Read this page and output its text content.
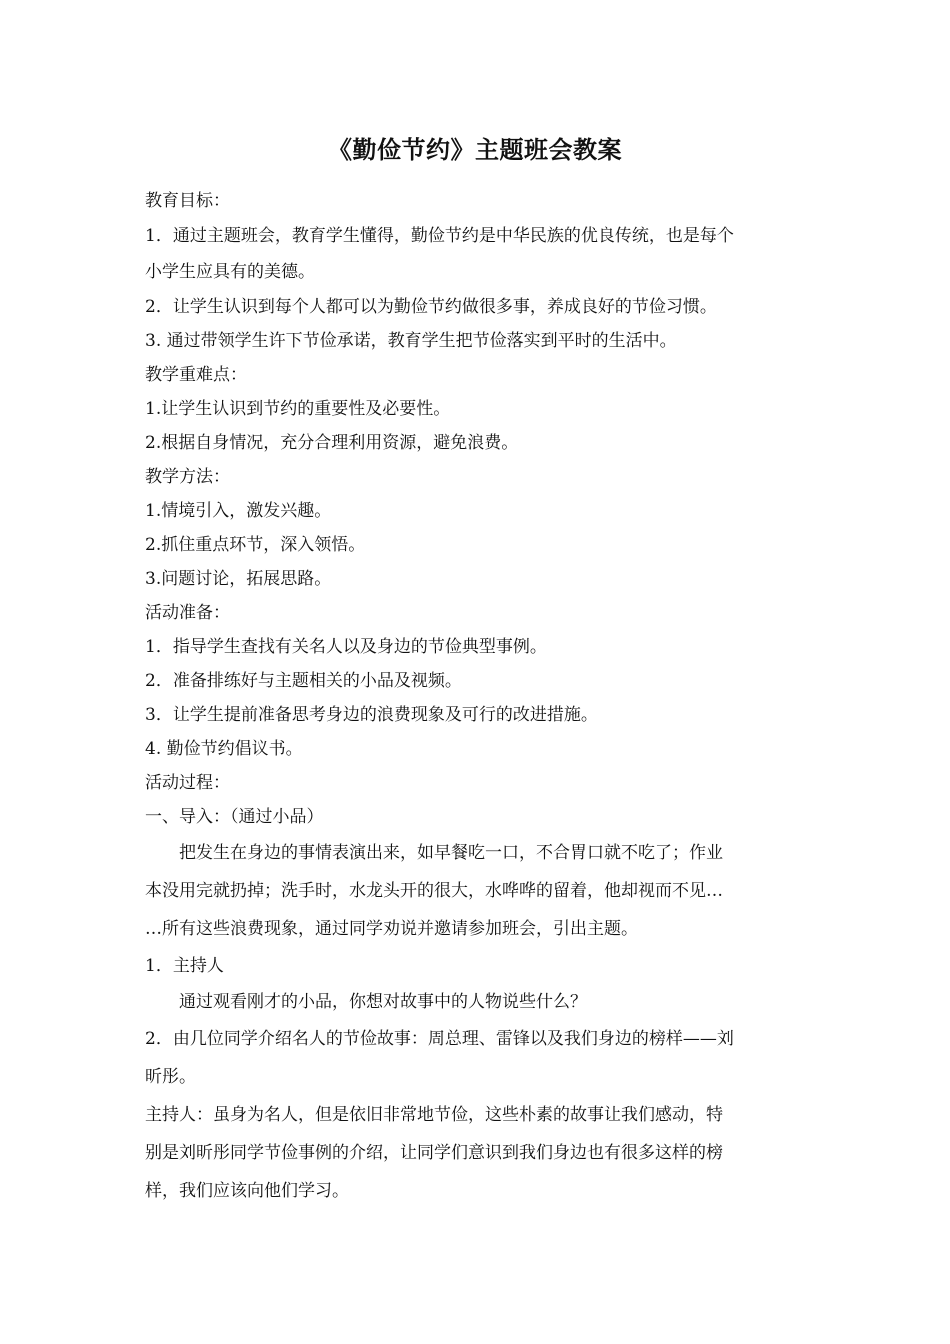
《勤俭节约》主题班会教案
教育目标：
1．通过主题班会，教育学生懂得，勤俭节约是中华民族的优良传统，也是每个
小学生应具有的美德。
2．让学生认识到每个人都可以为勤俭节约做很多事，养成良好的节俭习惯。
3. 通过带领学生许下节俭承诺，教育学生把节俭落实到平时的生活中。
教学重难点：
1.让学生认识到节约的重要性及必要性。
2.根据自身情况，充分合理利用资源，避免浪费。
教学方法：
1.情境引入，激发兴趣。
2.抓住重点环节，深入领悟。
3.问题讨论，拓展思路。
活动准备：
1．指导学生查找有关名人以及身边的节俭典型事例。
2．准备排练好与主题相关的小品及视频。
3．让学生提前准备思考身边的浪费现象及可行的改进措施。
4. 勤俭节约倡议书。
活动过程：
一、导入：（通过小品）
把发生在身边的事情表演出来，如早餐吃一口，不合胃口就不吃了；作业
本没用完就扔掉；洗手时，水龙头开的很大，水哗哗的留着，他却视而不见…
…所有这些浪费现象，通过同学劝说并邀请参加班会，引出主题。
1．主持人
通过观看刚才的小品，你想对故事中的人物说些什么？
2．由几位同学介绍名人的节俭故事：周总理、雷锋以及我们身边的榜样——刘
昕彤。
主持人：虽身为名人，但是依旧非常地节俭，这些朴素的故事让我们感动，特
别是刘昕彤同学节俭事例的介绍，让同学们意识到我们身边也有很多这样的榜
样，我们应该向他们学习。
